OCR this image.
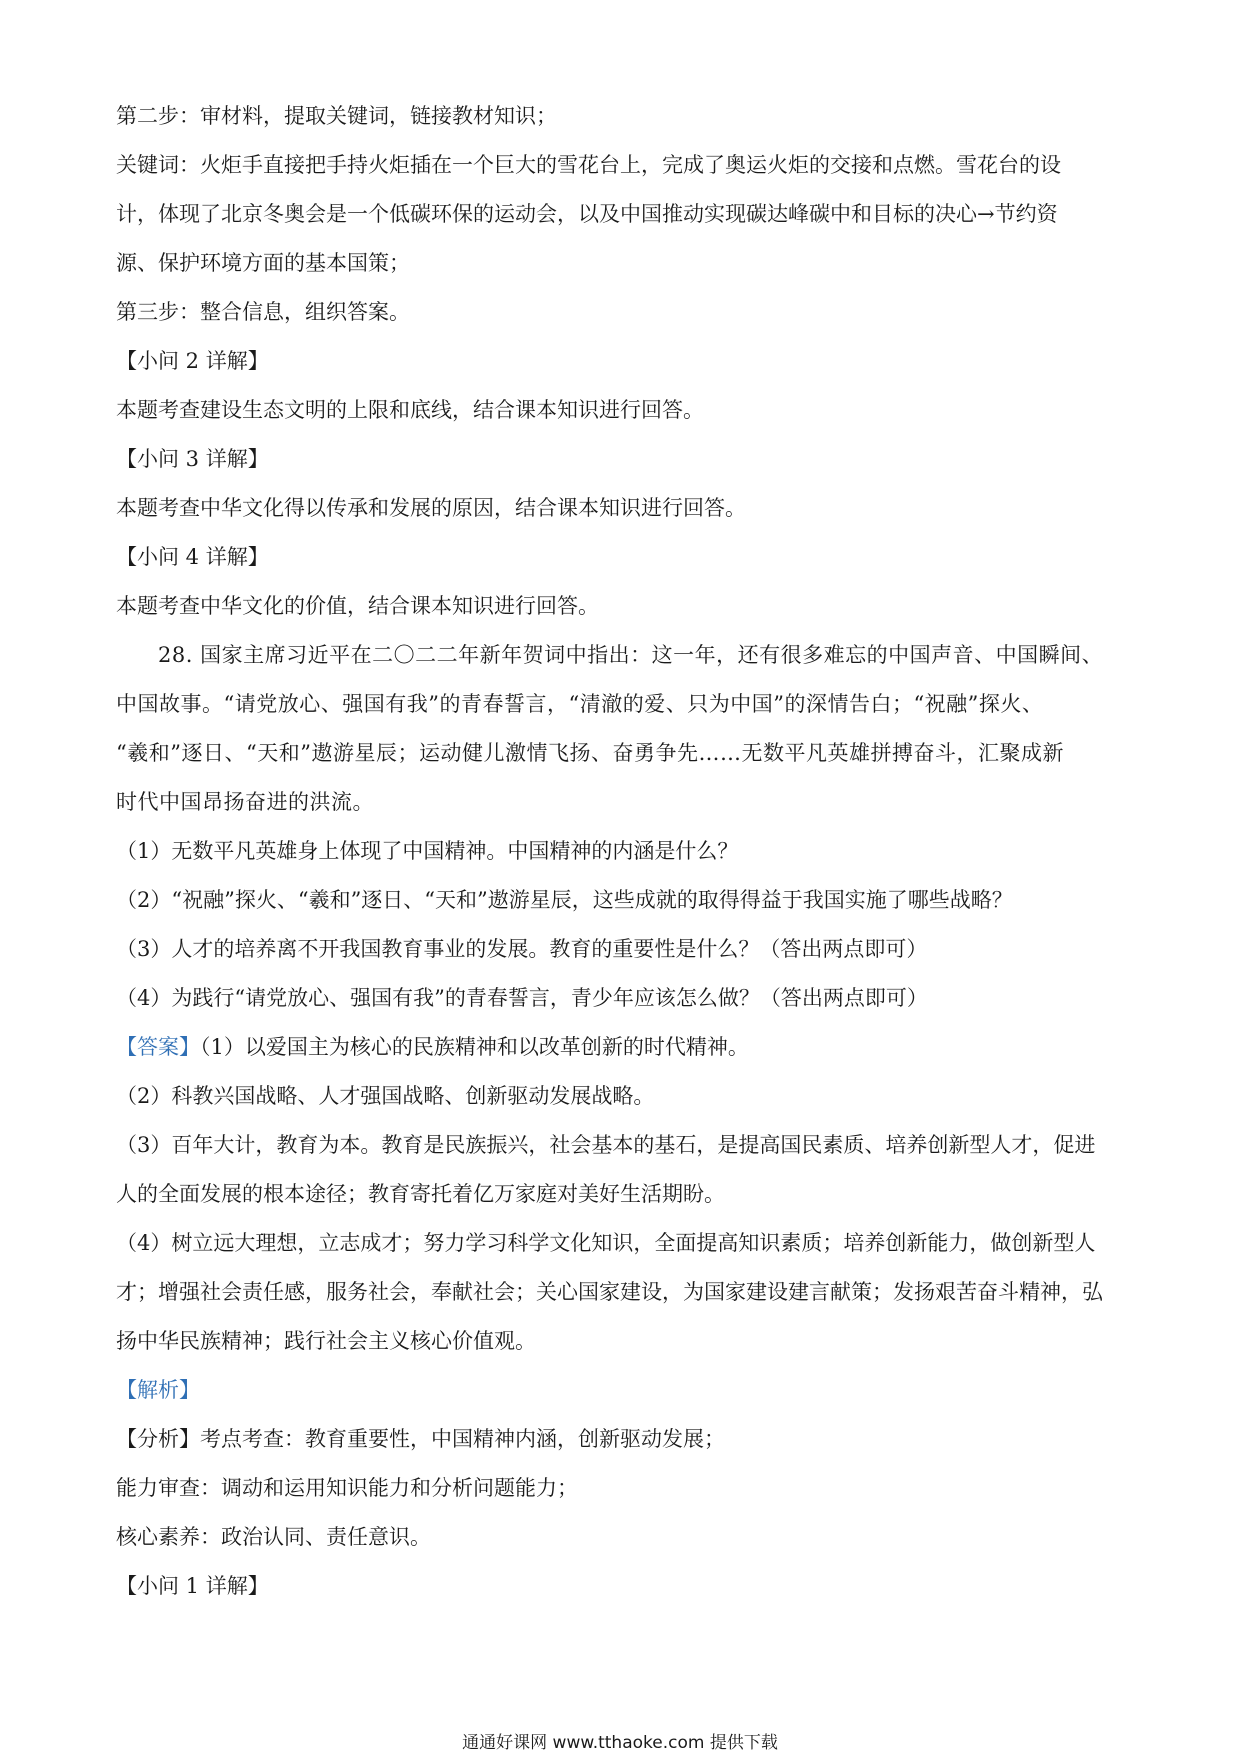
第二步：审材料，提取关键词，链接教材知识；
关键词：火炬手直接把手持火炬插在一个巨大的雪花台上，完成了奥运火炬的交接和点燃。雪花台的设
计，体现了北京冬奥会是一个低碳环保的运动会，以及中国推动实现碳达峰碳中和目标的决心→节约资
源、保护环境方面的基本国策；
第三步：整合信息，组织答案。
【小问 2 详解】
本题考查建设生态文明的上限和底线，结合课本知识进行回答。
【小问 3 详解】
本题考查中华文化得以传承和发展的原因，结合课本知识进行回答。
【小问 4 详解】
本题考查中华文化的价值，结合课本知识进行回答。
28. 国家主席习近平在二〇二二年新年贺词中指出：这一年，还有很多难忘的中国声音、中国瞬间、
中国故事。“请党放心、强国有我”的青春誓言，“清澈的爱、只为中国”的深情告白；“祝融”探火、
“羲和”逐日、“天和”遨游星辰；运动健儿激情飞扬、奋勇争先……无数平凡英雄拼搏奋斗，汇聚成新
时代中国昂扬奋进的洪流。
（1）无数平凡英雄身上体现了中国精神。中国精神的内涵是什么？
（2）“祝融”探火、“羲和”逐日、“天和”遨游星辰，这些成就的取得得益于我国实施了哪些战略？
（3）人才的培养离不开我国教育事业的发展。教育的重要性是什么？（答出两点即可）
（4）为践行“请党放心、强国有我”的青春誓言，青少年应该怎么做？（答出两点即可）
【答案】（1）以爱国主为核心的民族精神和以改革创新的时代精神。
（2）科教兴国战略、人才强国战略、创新驱动发展战略。
（3）百年大计，教育为本。教育是民族振兴，社会基本的基石，是提高国民素质、培养创新型人才，促进
人的全面发展的根本途径；教育寄托着亿万家庭对美好生活期盼。
（4）树立远大理想，立志成才；努力学习科学文化知识，全面提高知识素质；培养创新能力，做创新型人
才；增强社会责任感，服务社会，奉献社会；关心国家建设，为国家建设建言献策；发扬艰苦奋斗精神，弘
扬中华民族精神；践行社会主义核心价值观。
【解析】
【分析】考点考查：教育重要性，中国精神内涵，创新驱动发展；
能力审查：调动和运用知识能力和分析问题能力；
核心素养：政治认同、责任意识。
【小问 1 详解】
通通好课网 www.tthaoke.com 提供下载
